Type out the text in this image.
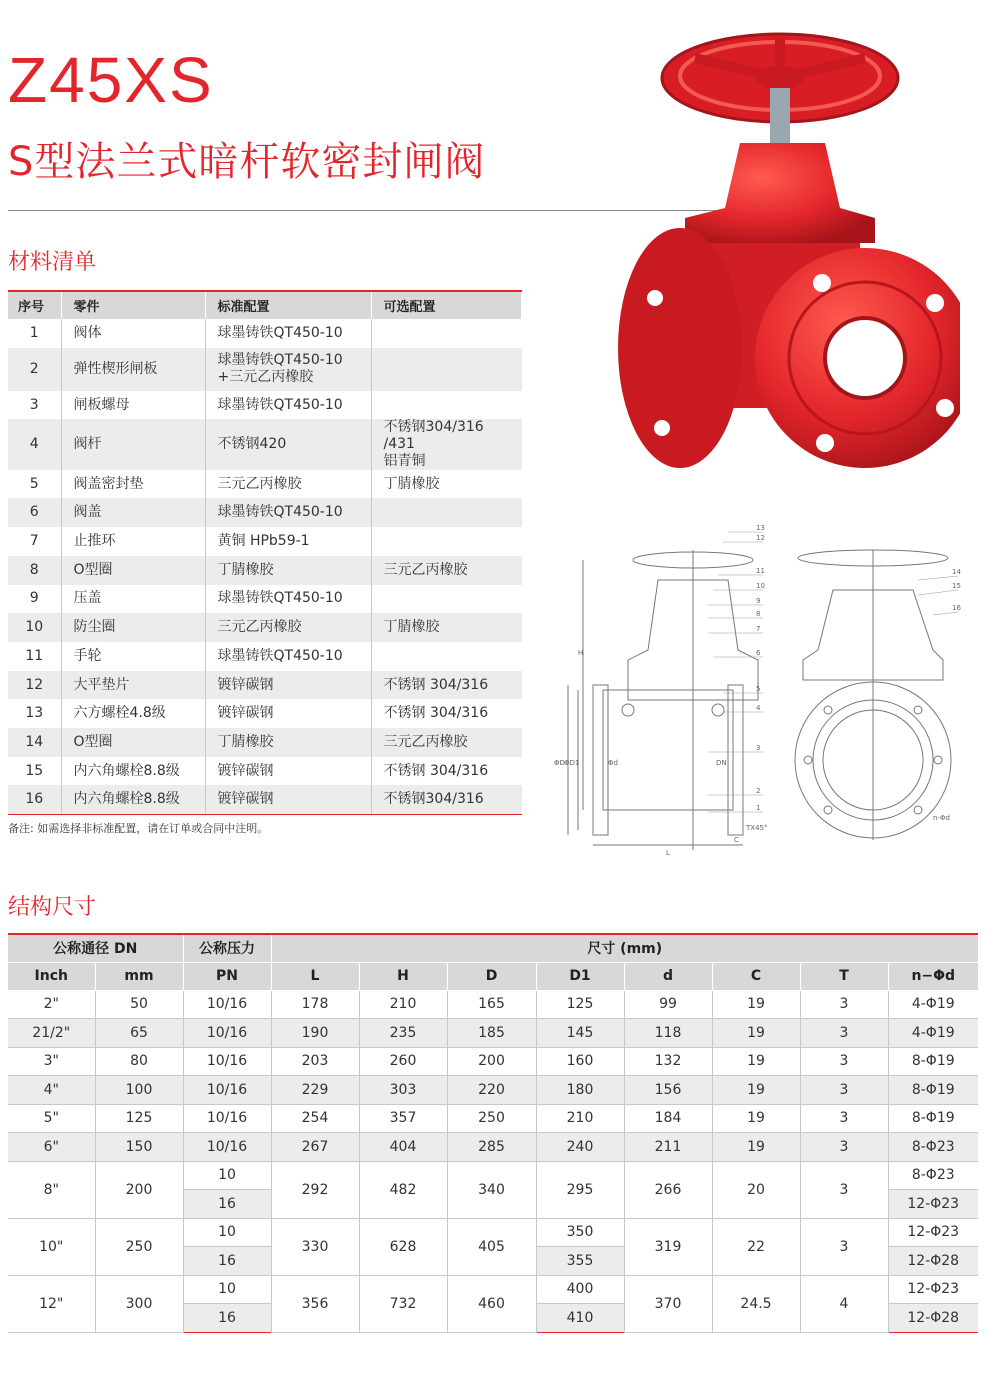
Z45XS
S型法兰式暗杆软密封闸阀
13
12
11
10
9
8
7
6
5
4
3
2
1
14
15
16
H
L
C
TX45°
ΦD ΦD1	Φd	DN
n-Φd
材料清单
序号	零件	标准配置	可选配置
1	阀体	球墨铸铁QT450-10	
2	弹性楔形闸板	球墨铸铁QT450-10
+三元乙丙橡胶	

3	闸板螺母	球墨铸铁QT450-10	
4	阀杆	不锈钢420	不锈钢304/316 /431
铝青铜

5	阀盖密封垫	三元乙丙橡胶	丁腈橡胶
6	阀盖	球墨铸铁QT450-10	
7	止推环	黄铜 HPb59-1	
8	O型圈	丁腈橡胶	三元乙丙橡胶
9	压盖	球墨铸铁QT450-10	
10	防尘圈	三元乙丙橡胶	丁腈橡胶
11	手轮	球墨铸铁QT450-10	
12	大平垫片	镀锌碳钢	不锈钢 304/316
13	六方螺栓4.8级	镀锌碳钢	不锈钢 304/316
14	O型圈	丁腈橡胶	三元乙丙橡胶
15	内六角螺栓8.8级	镀锌碳钢	不锈钢 304/316
16	内六角螺栓8.8级	镀锌碳钢	不锈钢304/316
备注: 如需选择非标准配置，请在订单或合同中注明。
结构尺寸
公称通径 DN		公称压力	尺寸 (mm)							
Inch	mm	PN	L	H	D	D1	d	C	T	n−Φd
2"	50	10/16	178	210	165	125	99	19	3	4-Φ19
21/2"	65	10/16	190	235	185	145	118	19	3	4-Φ19
3"	80	10/16	203	260	200	160	132	19	3	8-Φ19
4"	100	10/16	229	303	220	180	156	19	3	8-Φ19
5"	125	10/16	254	357	250	210	184	19	3	8-Φ19
6"	150	10/16	267	404	285	240	211	19	3	8-Φ23
8"	200	10	292	482	340	295	266	20	3	8-Φ23
		16								12-Φ23
10"	250	10	330	628	405	350	319	22	3	12-Φ23
		16				355				12-Φ28
12"	300	10	356	732	460	400	370	24.5	4	12-Φ23
		16				410				12-Φ28
